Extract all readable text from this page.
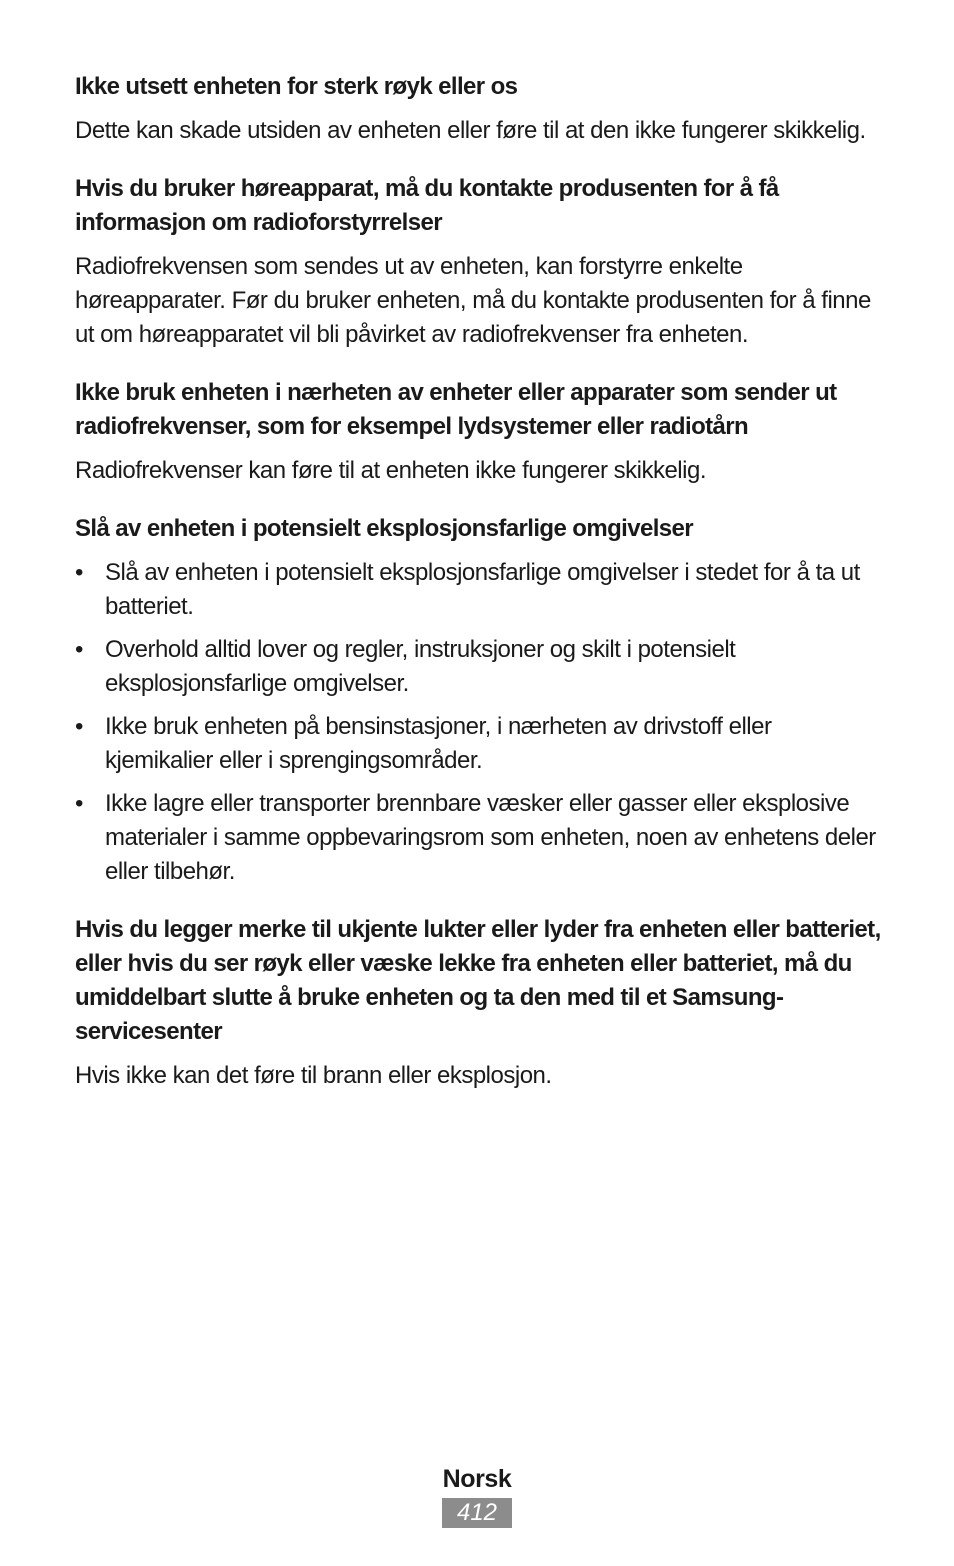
Ikke utsett enheten for sterk røyk eller os

Dette kan skade utsiden av enheten eller føre til at den ikke fungerer skikkelig.

Hvis du bruker høreapparat, må du kontakte produsenten for å få informasjon om radioforstyrrelser

Radiofrekvensen som sendes ut av enheten, kan forstyrre enkelte høreapparater. Før du bruker enheten, må du kontakte produsenten for å finne ut om høreapparatet vil bli påvirket av radiofrekvenser fra enheten.

Ikke bruk enheten i nærheten av enheter eller apparater som sender ut radiofrekvenser, som for eksempel lydsystemer eller radiotårn

Radiofrekvenser kan føre til at enheten ikke fungerer skikkelig.

Slå av enheten i potensielt eksplosjonsfarlige omgivelser

• Slå av enheten i potensielt eksplosjonsfarlige omgivelser i stedet for å ta ut batteriet.
• Overhold alltid lover og regler, instruksjoner og skilt i potensielt eksplosjonsfarlige omgivelser.
• Ikke bruk enheten på bensinstasjoner, i nærheten av drivstoff eller kjemikalier eller i sprengingsområder.
• Ikke lagre eller transporter brennbare væsker eller gasser eller eksplosive materialer i samme oppbevaringsrom som enheten, noen av enhetens deler eller tilbehør.

Hvis du legger merke til ukjente lukter eller lyder fra enheten eller batteriet, eller hvis du ser røyk eller væske lekke fra enheten eller batteriet, må du umiddelbart slutte å bruke enheten og ta den med til et Samsung-servicesenter

Hvis ikke kan det føre til brann eller eksplosjon.

Norsk
412
